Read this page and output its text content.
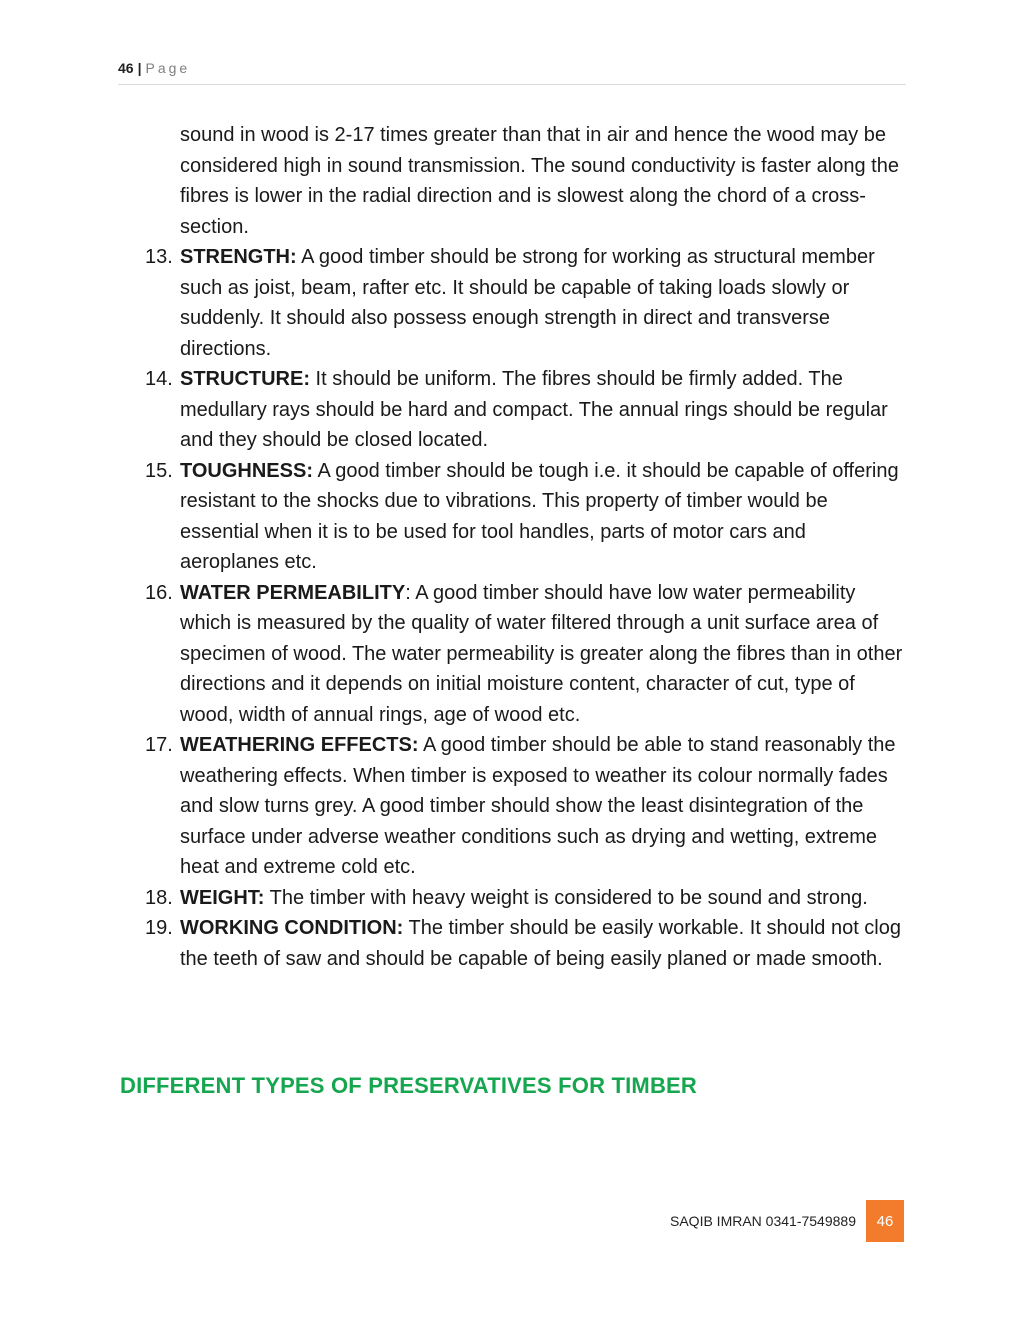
46 | Page
sound in wood is 2-17 times greater than that in air and hence the wood may be considered high in sound transmission. The sound conductivity is faster along the fibres is lower in the radial direction and is slowest along the chord of a cross-section.
13. STRENGTH: A good timber should be strong for working as structural member such as joist, beam, rafter etc. It should be capable of taking loads slowly or suddenly. It should also possess enough strength in direct and transverse directions.
14. STRUCTURE: It should be uniform. The fibres should be firmly added. The medullary rays should be hard and compact. The annual rings should be regular and they should be closed located.
15. TOUGHNESS: A good timber should be tough i.e. it should be capable of offering resistant to the shocks due to vibrations. This property of timber would be essential when it is to be used for tool handles, parts of motor cars and aeroplanes etc.
16. WATER PERMEABILITY: A good timber should have low water permeability which is measured by the quality of water filtered through a unit surface area of specimen of wood. The water permeability is greater along the fibres than in other directions and it depends on initial moisture content, character of cut, type of wood, width of annual rings, age of wood etc.
17. WEATHERING EFFECTS: A good timber should be able to stand reasonably the weathering effects. When timber is exposed to weather its colour normally fades and slow turns grey. A good timber should show the least disintegration of the surface under adverse weather conditions such as drying and wetting, extreme heat and extreme cold etc.
18. WEIGHT: The timber with heavy weight is considered to be sound and strong.
19. WORKING CONDITION: The timber should be easily workable. It should not clog the teeth of saw and should be capable of being easily planed or made smooth.
DIFFERENT TYPES OF PRESERVATIVES FOR TIMBER
SAQIB IMRAN 0341-7549889	46
